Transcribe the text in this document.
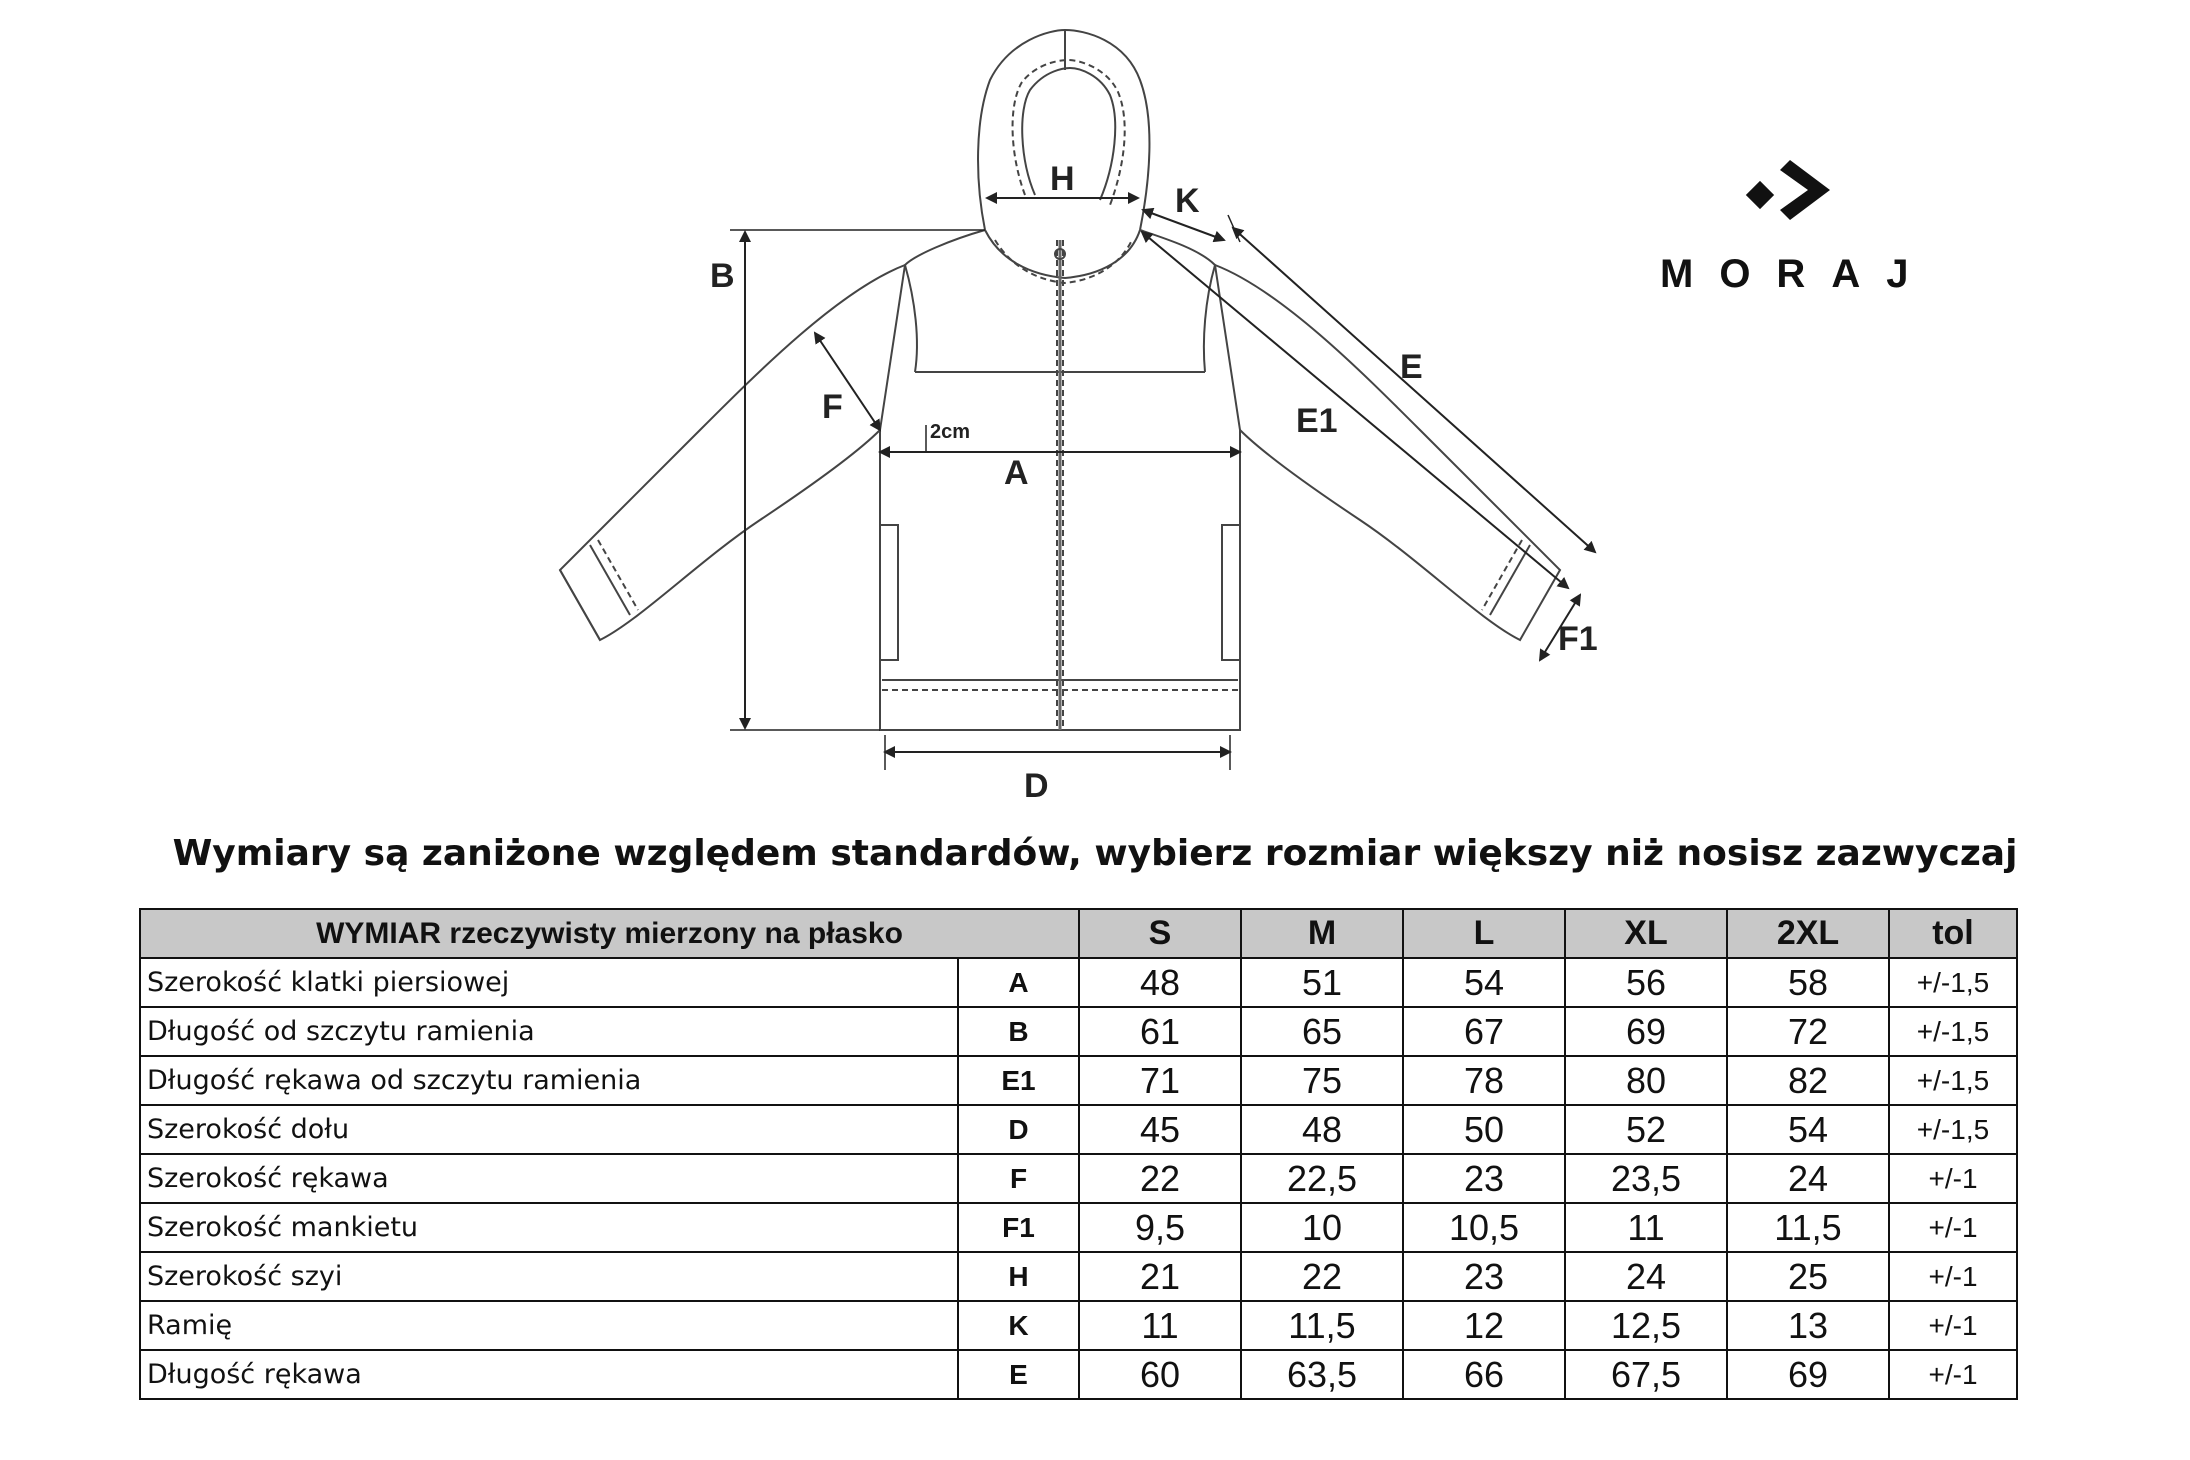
B
F
A
D
H
K
E
E1
F1
2cm
MORAJ
Wymiary są zaniżone względem standardów, wybierz rozmiar większy niż nosisz zazwyczaj
WYMIAR rzeczywisty mierzony na płasko		S	M	L	XL	2XL	tol
Szerokość klatki piersiowej	A	48	51	54	56	58	+/-1,5
Długość od szczytu ramienia	B	61	65	67	69	72	+/-1,5
Długość rękawa od szczytu ramienia	E1	71	75	78	80	82	+/-1,5
Szerokość dołu	D	45	48	50	52	54	+/-1,5
Szerokość rękawa	F	22	22,5	23	23,5	24	+/-1
Szerokość mankietu	F1	9,5	10	10,5	11	11,5	+/-1
Szerokość szyi	H	21	22	23	24	25	+/-1
Ramię	K	11	11,5	12	12,5	13	+/-1
Długość rękawa	E	60	63,5	66	67,5	69	+/-1
